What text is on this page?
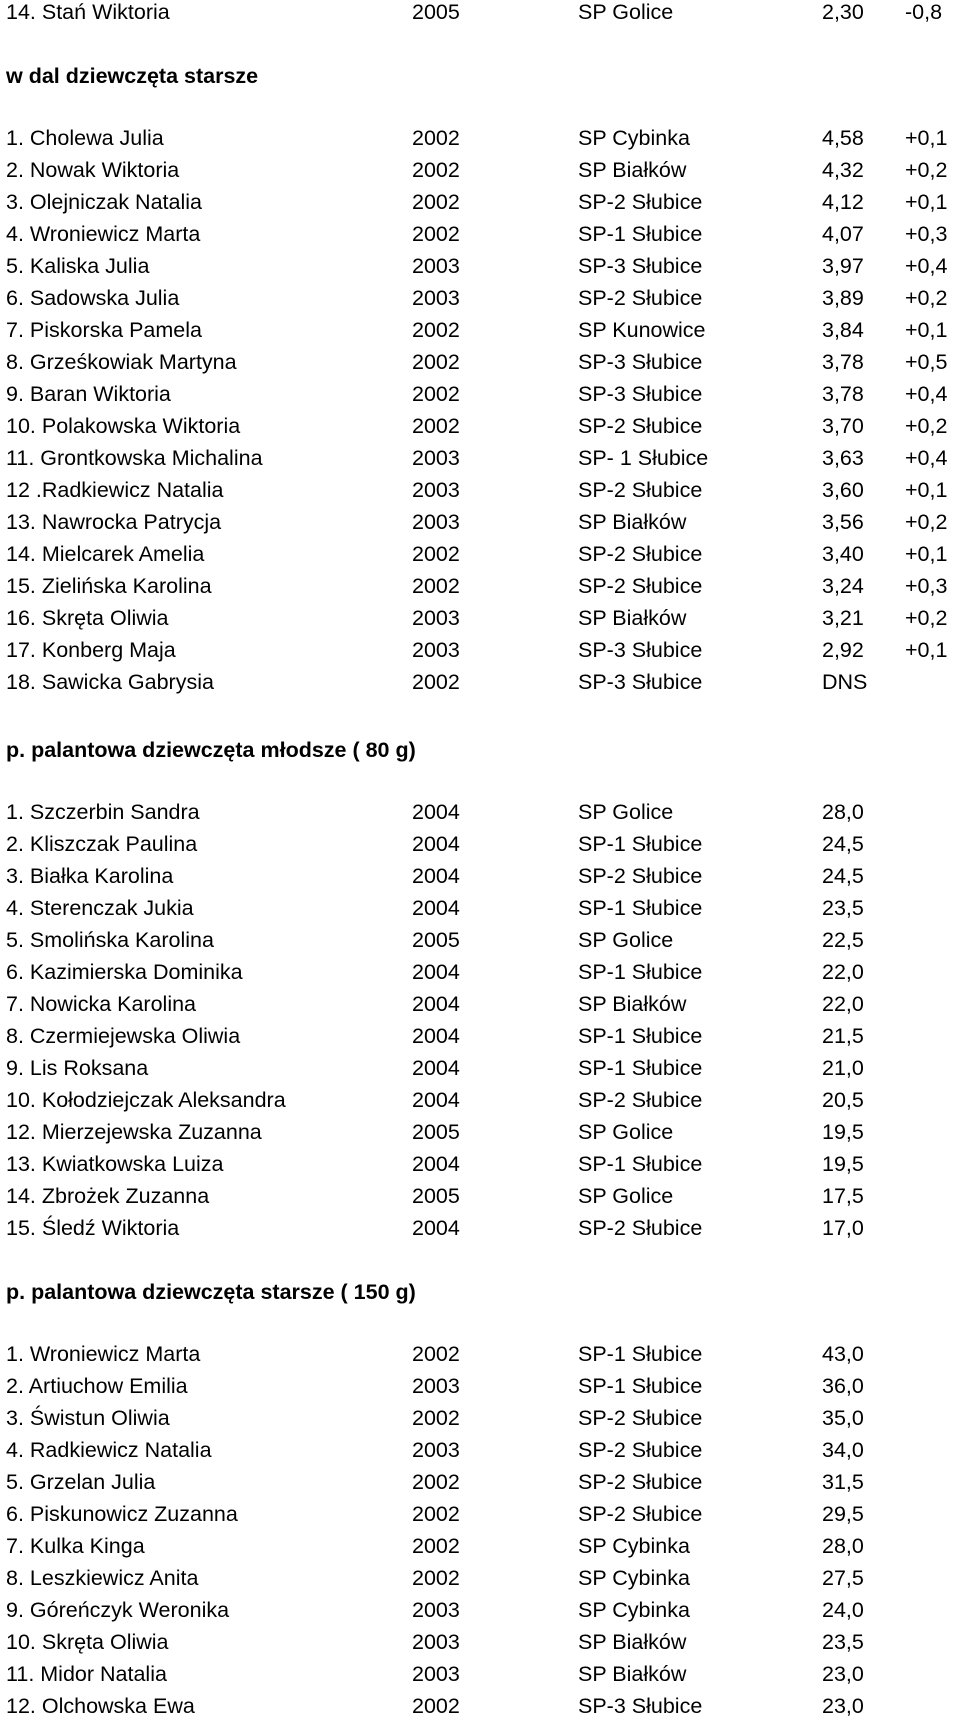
14. Stań Wiktoria	2005	SP Golice	2,30 -0,8
w dal dziewczęta starsze
1. Cholewa Julia	2002	SP Cybinka	4,58 +0,1
2. Nowak Wiktoria	2002	SP Białków	4,32 +0,2
3. Olejniczak Natalia	2002	SP-2 Słubice	4,12 +0,1
4. Wroniewicz Marta	2002	SP-1 Słubice	4,07 +0,3
5. Kaliska Julia	2003	SP-3 Słubice	3,97 +0,4
6. Sadowska Julia	2003	SP-2 Słubice	3,89 +0,2
7. Piskorska Pamela	2002	SP Kunowice	3,84 +0,1
8. Grześkowiak Martyna	2002	SP-3 Słubice	3,78 +0,5
9. Baran Wiktoria	2002	SP-3 Słubice	3,78 +0,4
10. Polakowska Wiktoria	2002	SP-2 Słubice	3,70 +0,2
11. Grontkowska Michalina	2003	SP- 1 Słubice	3,63 +0,4
12 .Radkiewicz Natalia	2003	SP-2 Słubice	3,60 +0,1
13. Nawrocka Patrycja	2003	SP Białków	3,56 +0,2
14. Mielcarek Amelia	2002	SP-2 Słubice	3,40 +0,1
15. Zielińska Karolina	2002	SP-2 Słubice	3,24 +0,3
16. Skręta Oliwia	2003	SP Białków	3,21 +0,2
17. Konberg Maja	2003	SP-3 Słubice	2,92 +0,1
18. Sawicka Gabrysia	2002	SP-3 Słubice	DNS
p. palantowa dziewczęta młodsze ( 80 g)
1. Szczerbin Sandra	2004	SP Golice	28,0
2. Kliszczak Paulina	2004	SP-1 Słubice	24,5
3. Białka Karolina	2004	SP-2 Słubice	24,5
4. Sterenczak Jukia	2004	SP-1 Słubice	23,5
5. Smolińska Karolina	2005	SP Golice	22,5
6. Kazimierska Dominika	2004	SP-1 Słubice	22,0
7. Nowicka Karolina	2004	SP Białków	22,0
8. Czermiejewska Oliwia	2004	SP-1 Słubice	21,5
9. Lis Roksana	2004	SP-1 Słubice	21,0
10. Kołodziejczak Aleksandra	2004	SP-2 Słubice	20,5
12. Mierzejewska Zuzanna	2005	SP Golice	19,5
13. Kwiatkowska Luiza	2004	SP-1 Słubice	19,5
14. Zbrożek Zuzanna	2005	SP Golice	17,5
15. Śledź Wiktoria	2004	SP-2 Słubice	17,0
p. palantowa dziewczęta starsze ( 150 g)
1. Wroniewicz Marta	2002	SP-1 Słubice	43,0
2. Artiuchow Emilia	2003	SP-1 Słubice	36,0
3. Świstun Oliwia	2002	SP-2 Słubice	35,0
4. Radkiewicz Natalia	2003	SP-2 Słubice	34,0
5. Grzelan Julia	2002	SP-2 Słubice	31,5
6. Piskunowicz Zuzanna	2002	SP-2 Słubice	29,5
7. Kulka Kinga	2002	SP Cybinka	28,0
8. Leszkiewicz Anita	2002	SP Cybinka	27,5
9. Góreńczyk Weronika	2003	SP Cybinka	24,0
10. Skręta Oliwia	2003	SP Białków	23,5
11. Midor Natalia	2003	SP Białków	23,0
12. Olchowska Ewa	2002	SP-3 Słubice	23,0
